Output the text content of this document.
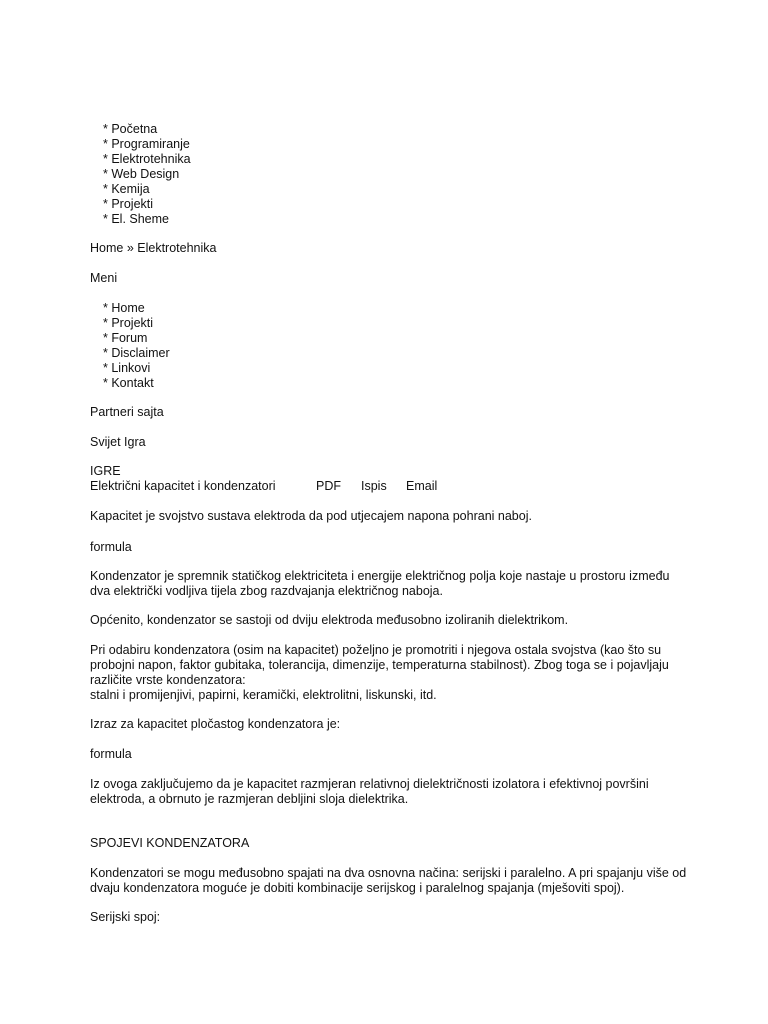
* Početna
* Programiranje
* Elektrotehnika
* Web Design
* Kemija
* Projekti
* El. Sheme
Home » Elektrotehnika
Meni
* Home
* Projekti
* Forum
* Disclaimer
* Linkovi
* Kontakt
Partneri sajta
Svijet Igra
IGRE
Električni kapacitet i kondenzatori	PDF Ispis Email

Kapacitet je svojstvo sustava elektroda da pod utjecajem napona pohrani naboj.

formula

Kondenzator je spremnik statičkog elektriciteta i energije električnog polja koje nastaje u prostoru između dva električki vodljiva tijela zbog razdvajanja električnog naboja.

Općenito, kondenzator se sastoji od dviju elektroda međusobno izoliranih dielektrikom.

Pri odabiru kondenzatora (osim na kapacitet) poželjno je promotriti i njegova ostala svojstva (kao što su probojni napon, faktor gubitaka, tolerancija, dimenzije, temperaturna stabilnost). Zbog toga se i pojavljaju različite vrste kondenzatora:

stalni i promijenjivi, papirni, keramički, elektrolitni, liskunski, itd.

Izraz za kapacitet pločastog kondenzatora je:

formula

Iz ovoga zaključujemo da je kapacitet razmjeran relativnoj dielektričnosti izolatora i efektivnoj površini elektroda, a obrnuto je razmjeran debljini sloja dielektrika.

SPOJEVI KONDENZATORA

Kondenzatori se mogu međusobno spajati na dva osnovna načina: serijski i paralelno. A pri spajanju više od dvaju kondenzatora moguće je dobiti kombinacije serijskog i paralelnog spajanja (mješoviti spoj).

Serijski spoj:
